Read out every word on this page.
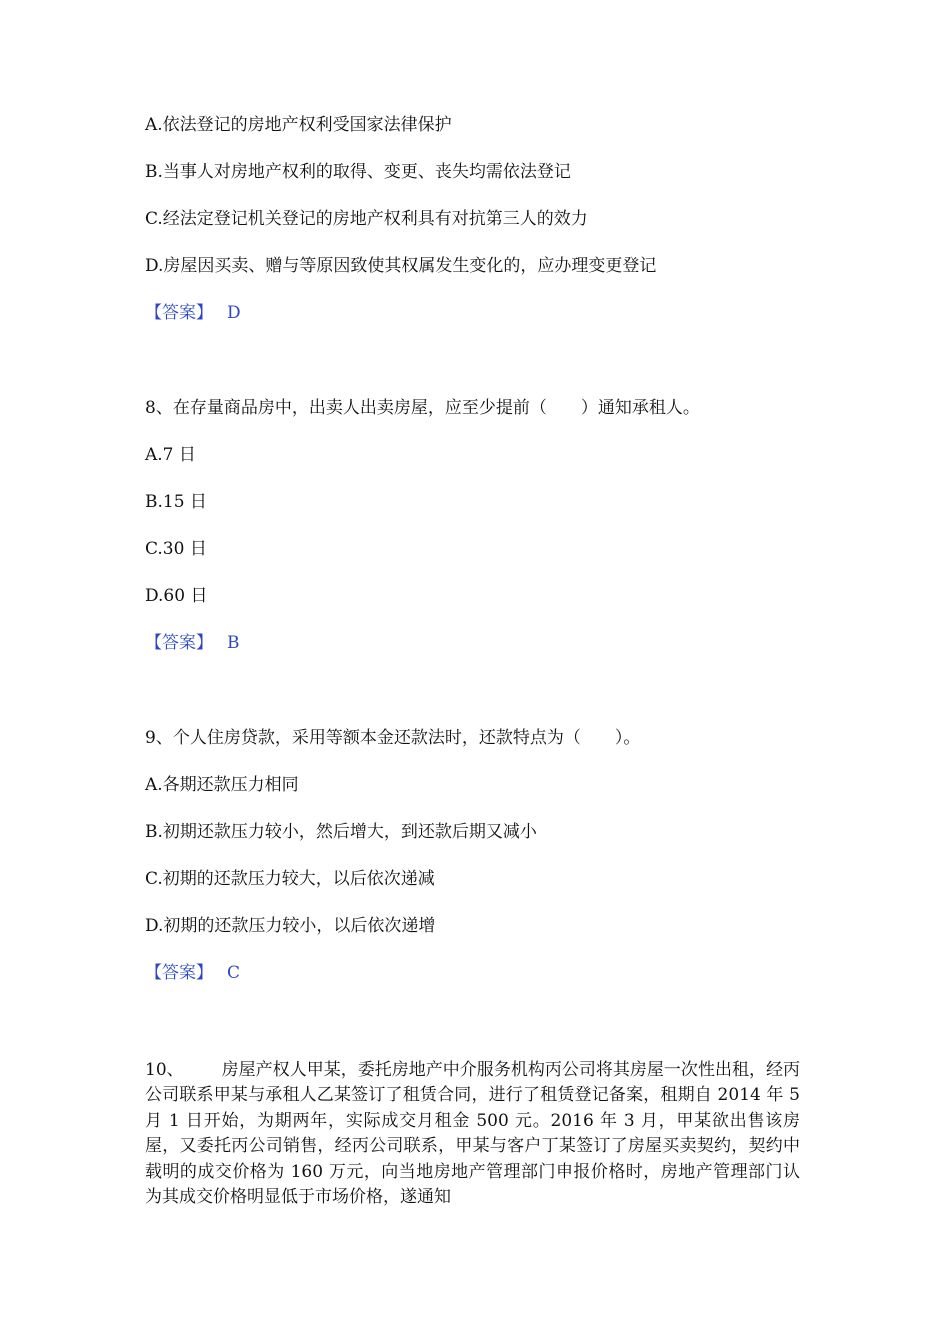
A.依法登记的房地产权利受国家法律保护
B.当事人对房地产权利的取得、变更、丧失均需依法登记
C.经法定登记机关登记的房地产权利具有对抗第三人的效力
D.房屋因买卖、赠与等原因致使其权属发生变化的，应办理变更登记
【答案】 D
8、在存量商品房中，出卖人出卖房屋，应至少提前（　　）通知承租人。
A.7 日
B.15 日
C.30 日
D.60 日
【答案】 B
9、个人住房贷款，采用等额本金还款法时，还款特点为（　　）。
A.各期还款压力相同
B.初期还款压力较小，然后增大，到还款后期又减小
C.初期的还款压力较大，以后依次递减
D.初期的还款压力较小，以后依次递增
【答案】 C
10、 房屋产权人甲某，委托房地产中介服务机构丙公司将其房屋一次性出租，经丙公司联系甲某与承租人乙某签订了租赁合同，进行了租赁登记备案，租期自 2014 年 5 月 1 日开始，为期两年，实际成交月租金 500 元。2016 年 3 月，甲某欲出售该房屋，又委托丙公司销售，经丙公司联系，甲某与客户丁某签订了房屋买卖契约，契约中载明的成交价格为 160 万元，向当地房地产管理部门申报价格时，房地产管理部门认为其成交价格明显低于市场价格，遂通知
